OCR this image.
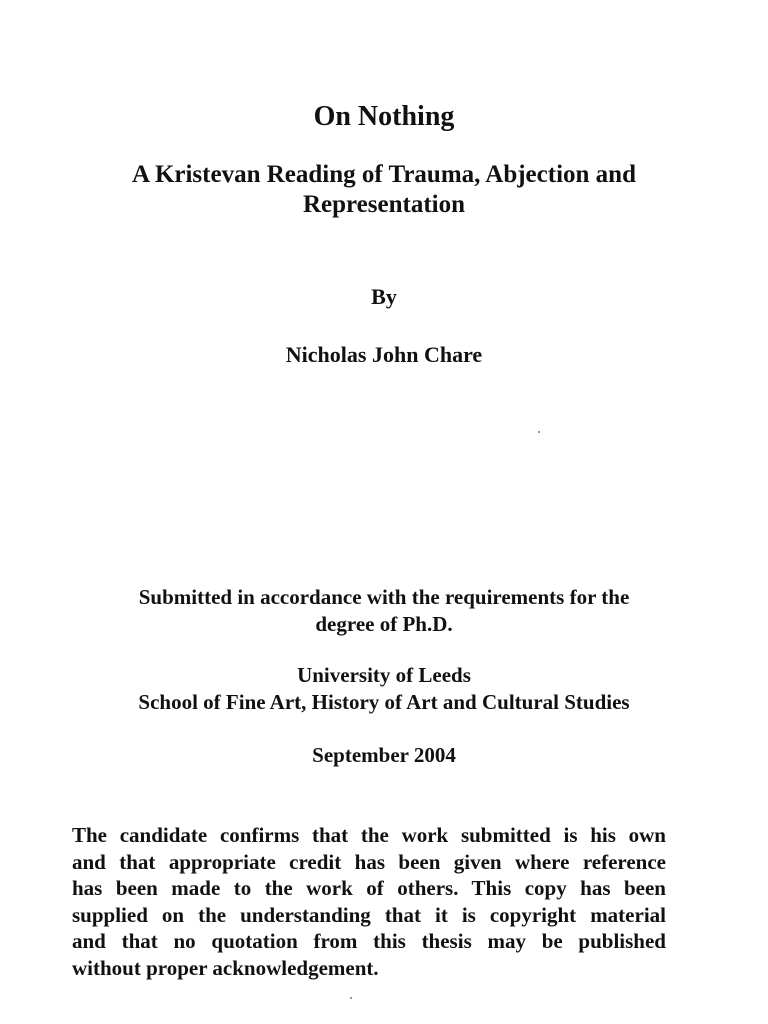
On Nothing
A Kristevan Reading of Trauma, Abjection and
Representation
By
Nicholas John Chare
Submitted in accordance with the requirements for the
degree of Ph.D.
University of Leeds
School of Fine Art, History of Art and Cultural Studies
September 2004
The candidate confirms that the work submitted is his own
and that appropriate credit has been given where reference
has been made to the work of others. This copy has been
supplied on the understanding that it is copyright material
and that no quotation from this thesis may be published
without proper acknowledgement.
